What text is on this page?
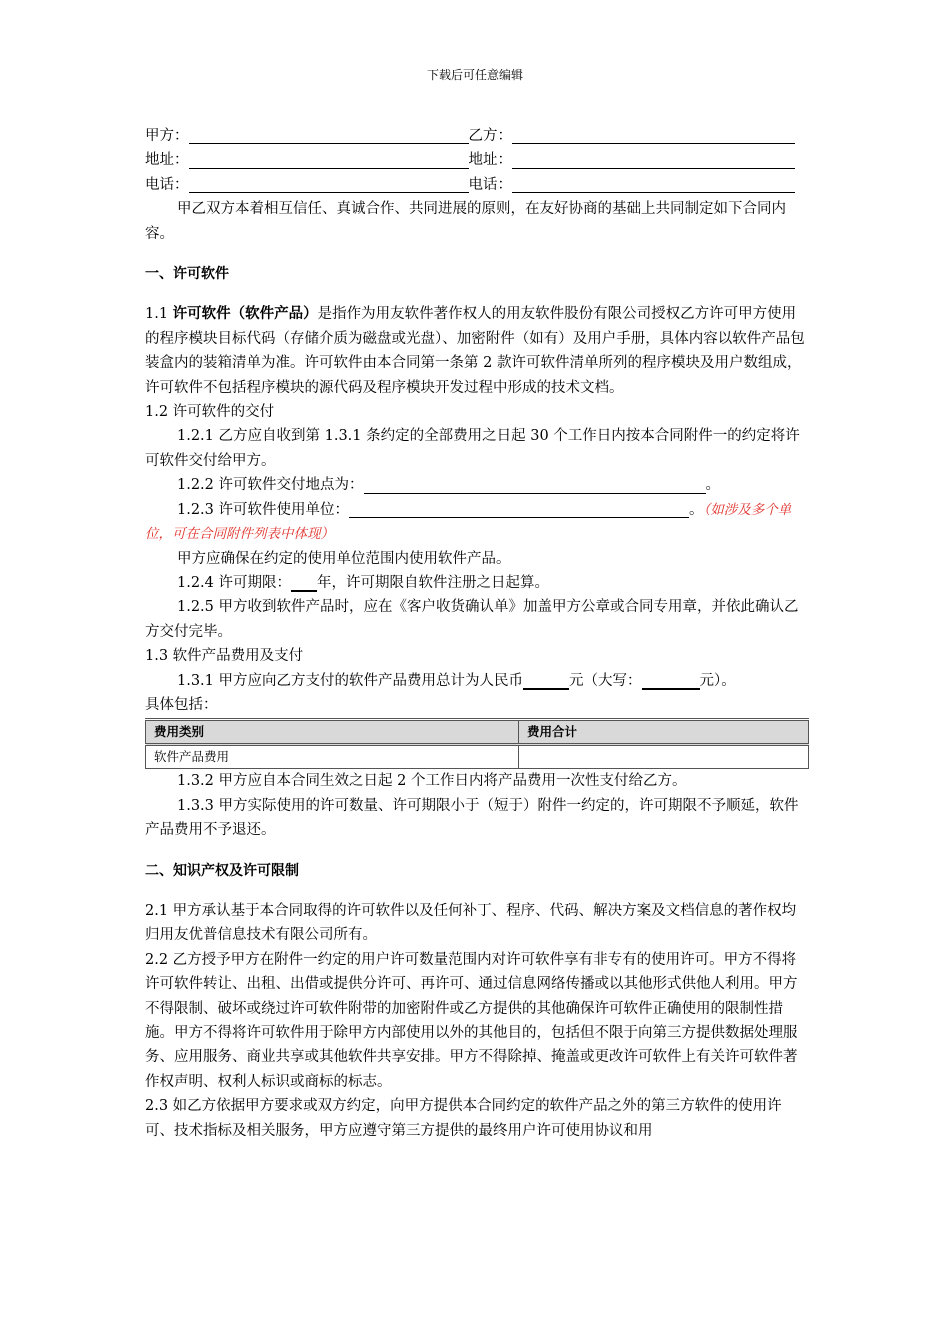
下载后可任意编辑
甲方：	乙方：
地址：	地址：
电话：	电话：
甲乙双方本着相互信任、真诚合作、共同进展的原则，在友好协商的基础上共同制定如下合同内容。
一、许可软件
1.1 许可软件（软件产品）是指作为用友软件著作权人的用友软件股份有限公司授权乙方许可甲方使用的程序模块目标代码（存储介质为磁盘或光盘）、加密附件（如有）及用户手册，具体内容以软件产品包装盒内的装箱清单为准。许可软件由本合同第一条第 2 款许可软件清单所列的程序模块及用户数组成，许可软件不包括程序模块的源代码及程序模块开发过程中形成的技术文档。
1.2 许可软件的交付
1.2.1 乙方应自收到第 1.3.1 条约定的全部费用之日起 30 个工作日内按本合同附件一的约定将许可软件交付给甲方。
1.2.2 许可软件交付地点为：	。
1.2.3 许可软件使用单位：	。（如涉及多个单位，可在合同附件列表中体现）
甲方应确保在约定的使用单位范围内使用软件产品。
1.2.4 许可期限： 年，许可期限自软件注册之日起算。
1.2.5 甲方收到软件产品时，应在《客户收货确认单》加盖甲方公章或合同专用章，并依此确认乙方交付完毕。
1.3 软件产品费用及支付
1.3.1 甲方应向乙方支付的软件产品费用总计为人民币	元（大写：	元）。
具体包括：
费用类别	费用合计
软件产品费用	
1.3.2 甲方应自本合同生效之日起 2 个工作日内将产品费用一次性支付给乙方。
1.3.3 甲方实际使用的许可数量、许可期限小于（短于）附件一约定的，许可期限不予顺延，软件产品费用不予退还。
二、知识产权及许可限制
2.1 甲方承认基于本合同取得的许可软件以及任何补丁、程序、代码、解决方案及文档信息的著作权均归用友优普信息技术有限公司所有。
2.2 乙方授予甲方在附件一约定的用户许可数量范围内对许可软件享有非专有的使用许可。甲方不得将许可软件转让、出租、出借或提供分许可、再许可、通过信息网络传播或以其他形式供他人利用。甲方不得限制、破坏或绕过许可软件附带的加密附件或乙方提供的其他确保许可软件正确使用的限制性措施。甲方不得将许可软件用于除甲方内部使用以外的其他目的，包括但不限于向第三方提供数据处理服务、应用服务、商业共享或其他软件共享安排。甲方不得除掉、掩盖或更改许可软件上有关许可软件著作权声明、权利人标识或商标的标志。
2.3 如乙方依据甲方要求或双方约定，向甲方提供本合同约定的软件产品之外的第三方软件的使用许可、技术指标及相关服务，甲方应遵守第三方提供的最终用户许可使用协议和用
